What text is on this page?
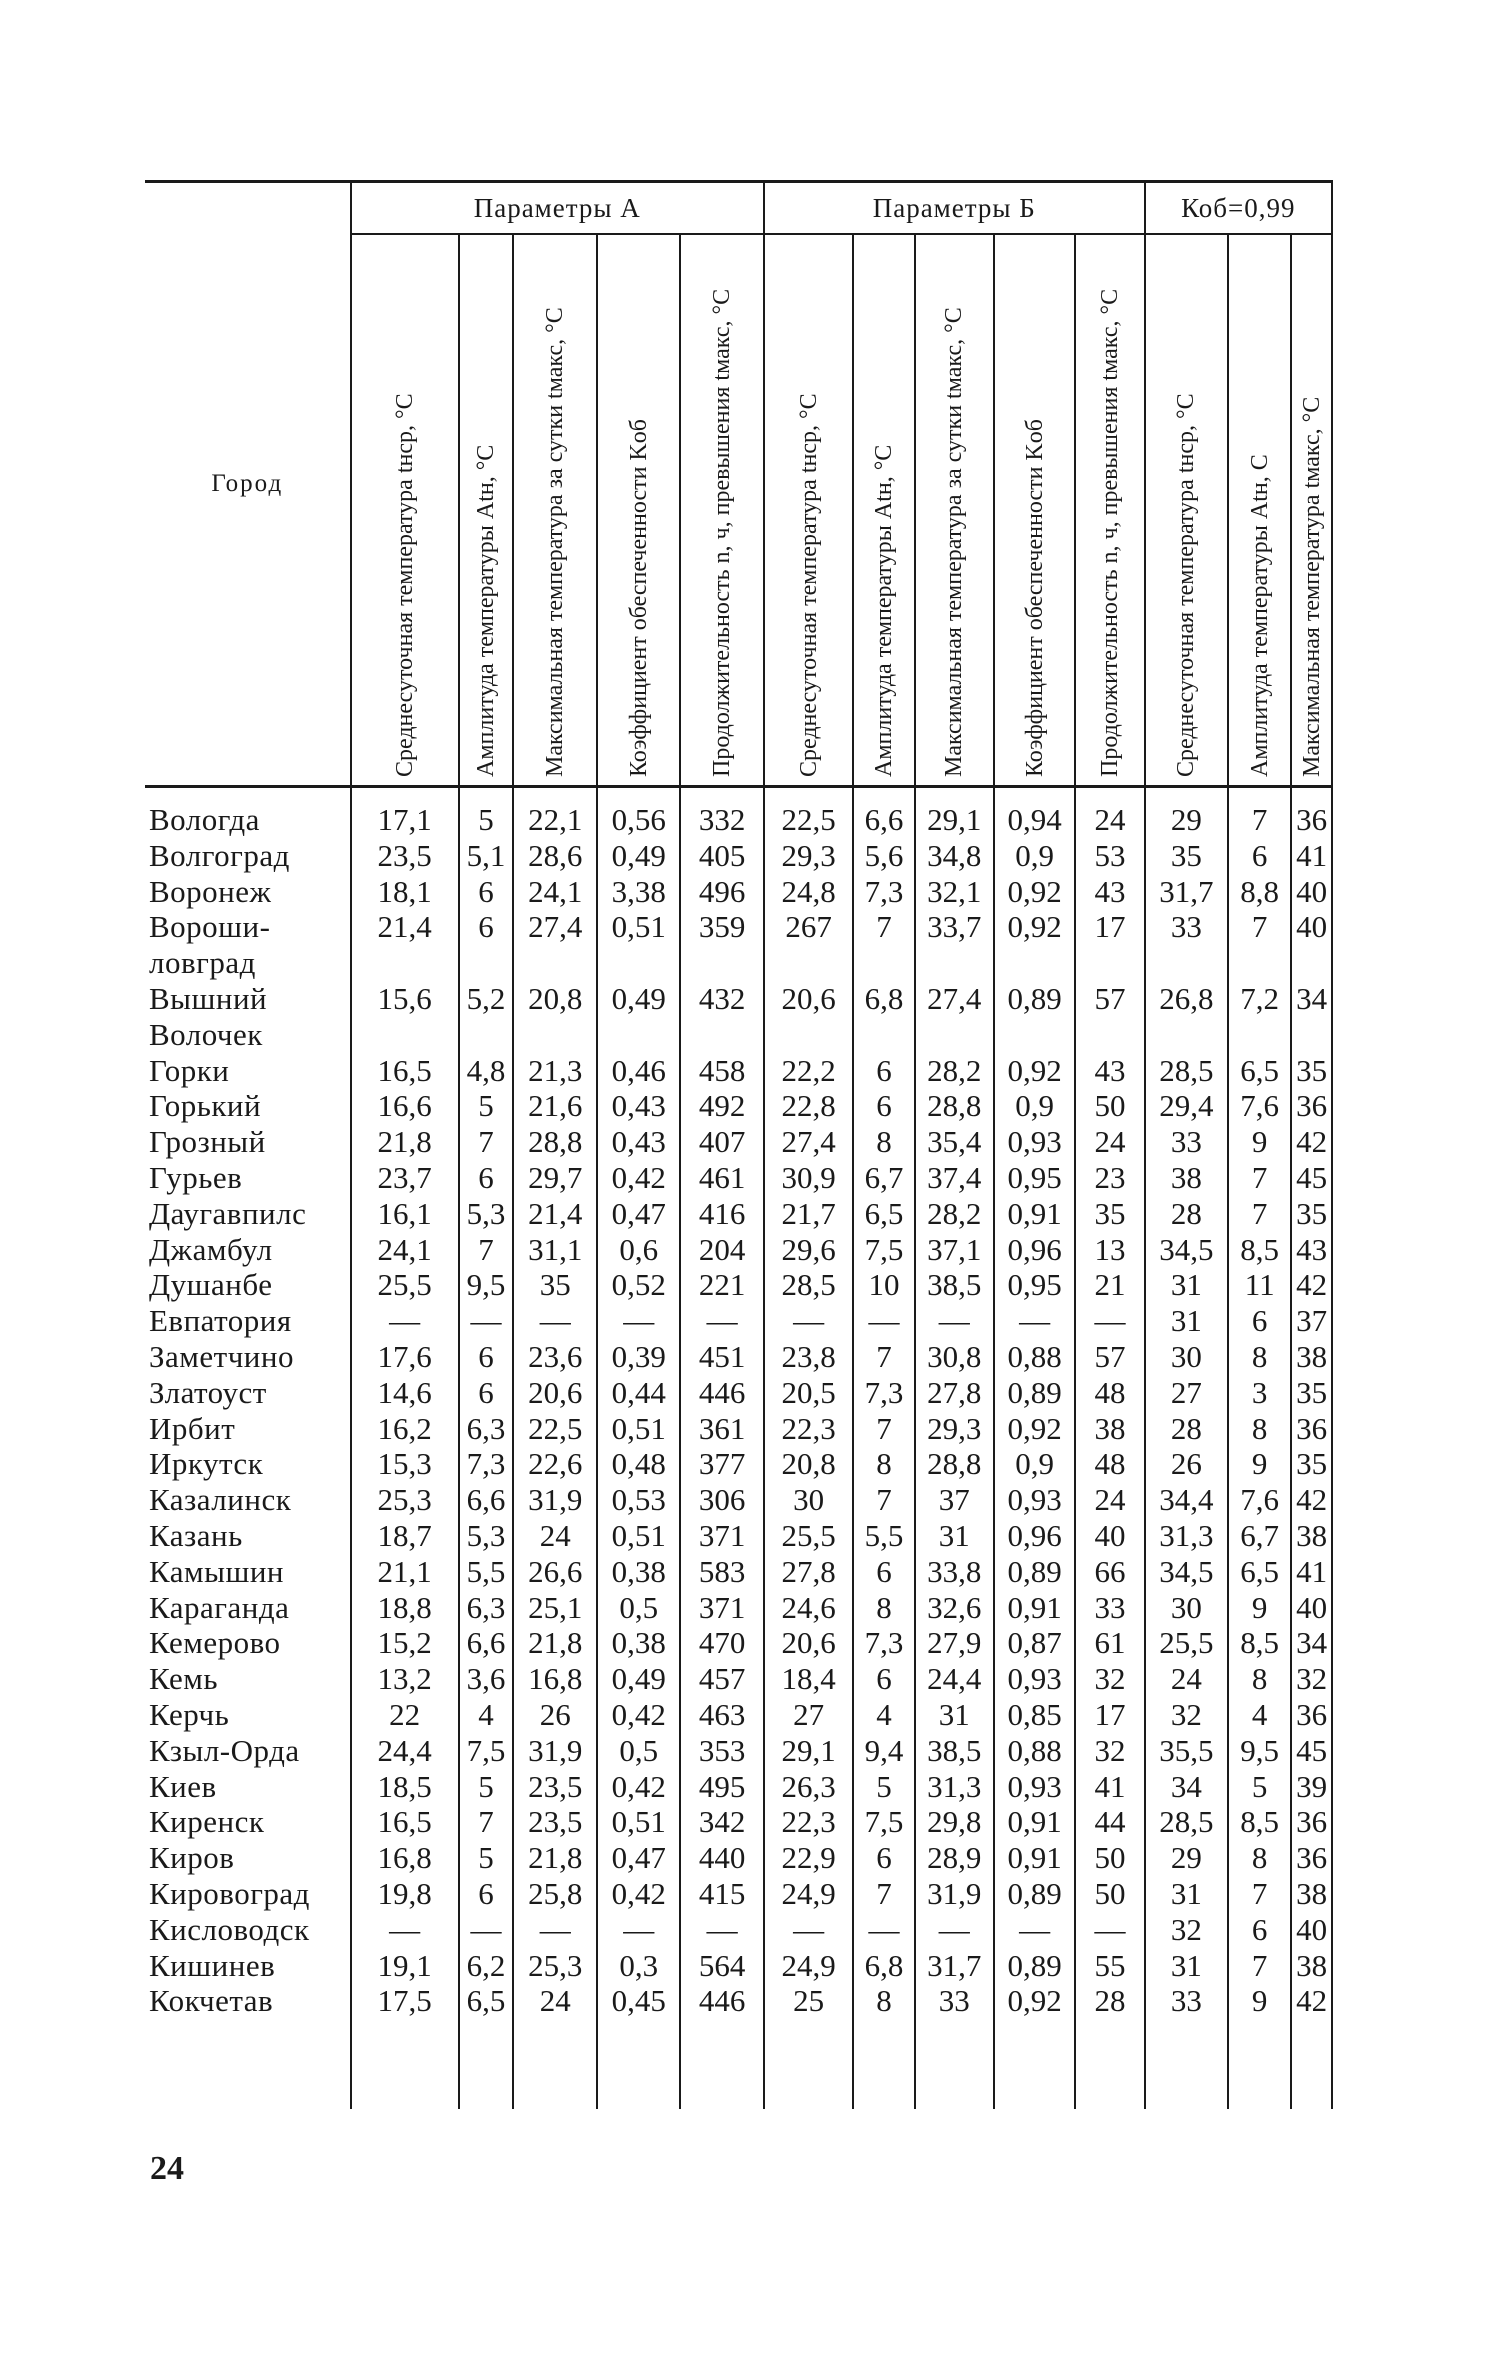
Город	Параметры А					Параметры Б					Коб=0,99		

	Среднесуточная температура tнср, °С	Амплитуда температуры Atн, °С	Максимальная температура за сутки tмакс, °С	Коэффициент обеспеченности Kоб	Продолжительность n, ч, превышения tмакс, °С	Среднесуточная температура tнср, °С	Амплитуда температуры Atн, °С	Максимальная температура за сутки tмакс, °С	Коэффициент обеспеченности Kоб	Продолжительность n, ч, превышения tмакс, °С	Среднесуточная температура tнср, °С	Амплитуда температуры Atн, С	Максимальная температура tмакс, °С

Вологда	17,1	5	22,1	0,56	332	22,5	6,6	29,1	0,94	24	29	7	36
Волгоград	23,5	5,1	28,6	0,49	405	29,3	5,6	34,8	0,9	53	35	6	41
Воронеж	18,1	6	24,1	3,38	496	24,8	7,3	32,1	0,92	43	31,7	8,8	40
Вороши-	21,4	6	27,4	0,51	359	267	7	33,7	0,92	17	33	7	40
ловград													
Вышний	15,6	5,2	20,8	0,49	432	20,6	6,8	27,4	0,89	57	26,8	7,2	34
Волочек													
Горки	16,5	4,8	21,3	0,46	458	22,2	6	28,2	0,92	43	28,5	6,5	35
Горький	16,6	5	21,6	0,43	492	22,8	6	28,8	0,9	50	29,4	7,6	36
Грозный	21,8	7	28,8	0,43	407	27,4	8	35,4	0,93	24	33	9	42
Гурьев	23,7	6	29,7	0,42	461	30,9	6,7	37,4	0,95	23	38	7	45
Даугавпилс	16,1	5,3	21,4	0,47	416	21,7	6,5	28,2	0,91	35	28	7	35
Джамбул	24,1	7	31,1	0,6	204	29,6	7,5	37,1	0,96	13	34,5	8,5	43
Душанбе	25,5	9,5	35	0,52	221	28,5	10	38,5	0,95	21	31	11	42
Евпатория	—	—	—	—	—	—	—	—	—	—	31	6	37
Заметчино	17,6	6	23,6	0,39	451	23,8	7	30,8	0,88	57	30	8	38
Златоуст	14,6	6	20,6	0,44	446	20,5	7,3	27,8	0,89	48	27	3	35
Ирбит	16,2	6,3	22,5	0,51	361	22,3	7	29,3	0,92	38	28	8	36
Иркутск	15,3	7,3	22,6	0,48	377	20,8	8	28,8	0,9	48	26	9	35
Казалинск	25,3	6,6	31,9	0,53	306	30	7	37	0,93	24	34,4	7,6	42
Казань	18,7	5,3	24	0,51	371	25,5	5,5	31	0,96	40	31,3	6,7	38
Камышин	21,1	5,5	26,6	0,38	583	27,8	6	33,8	0,89	66	34,5	6,5	41
Караганда	18,8	6,3	25,1	0,5	371	24,6	8	32,6	0,91	33	30	9	40
Кемерово	15,2	6,6	21,8	0,38	470	20,6	7,3	27,9	0,87	61	25,5	8,5	34
Кемь	13,2	3,6	16,8	0,49	457	18,4	6	24,4	0,93	32	24	8	32
Керчь	22	4	26	0,42	463	27	4	31	0,85	17	32	4	36
Кзыл-Орда	24,4	7,5	31,9	0,5	353	29,1	9,4	38,5	0,88	32	35,5	9,5	45
Киев	18,5	5	23,5	0,42	495	26,3	5	31,3	0,93	41	34	5	39
Киренск	16,5	7	23,5	0,51	342	22,3	7,5	29,8	0,91	44	28,5	8,5	36
Киров	16,8	5	21,8	0,47	440	22,9	6	28,9	0,91	50	29	8	36
Кировоград	19,8	6	25,8	0,42	415	24,9	7	31,9	0,89	50	31	7	38
Кисловодск	—	—	—	—	—	—	—	—	—	—	32	6	40
Кишинев	19,1	6,2	25,3	0,3	564	24,9	6,8	31,7	0,89	55	31	7	38
Кокчетав	17,5	6,5	24	0,45	446	25	8	33	0,92	28	33	9	42

24
